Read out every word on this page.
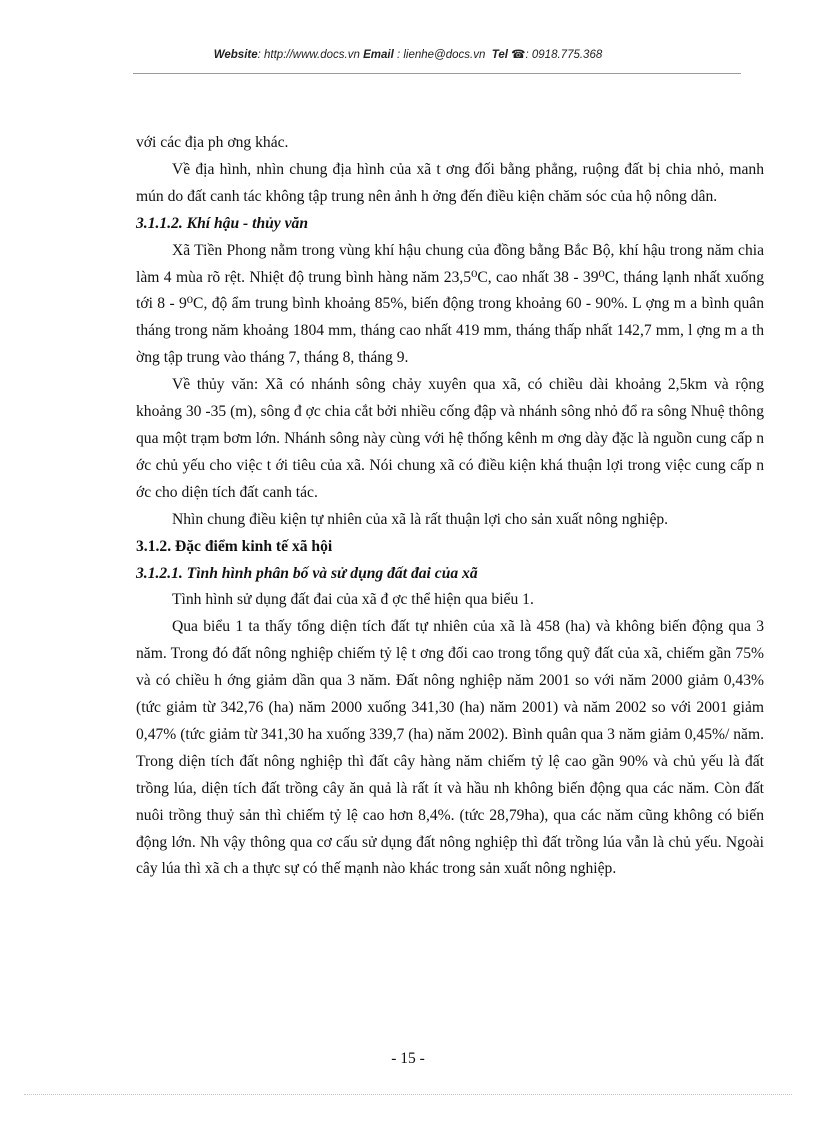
Website: http://www.docs.vn Email : lienhe@docs.vn Tel ☎: 0918.775.368

với các địa ph ơng khác.

Về địa hình, nhìn chung địa hình của xã t ơng đối bằng phẳng, ruộng đất bị chia nhỏ, manh mún do đất canh tác không tập trung nên ảnh h ởng đến điều kiện chăm sóc của hộ nông dân.

3.1.1.2. Khí hậu - thủy văn

Xã Tiền Phong nằm trong vùng khí hậu chung của đồng bằng Bắc Bộ, khí hậu trong năm chia làm 4 mùa rõ rệt. Nhiệt độ trung bình hàng năm 23,5⁰C, cao nhất 38 - 39⁰C, tháng lạnh nhất xuống tới 8 - 9⁰C, độ ẩm trung bình khoảng 85%, biến động trong khoảng 60 - 90%. L ợng m a bình quân tháng trong năm khoảng 1804 mm, tháng cao nhất 419 mm, tháng thấp nhất 142,7 mm, l ợng m a th ờng tập trung vào tháng 7, tháng 8, tháng 9.

Về thủy văn: Xã có nhánh sông chảy xuyên qua xã, có chiều dài khoảng 2,5km và rộng khoảng 30 -35 (m), sông đ ợc chia cắt bởi nhiều cống đập và nhánh sông nhỏ đổ ra sông Nhuệ thông qua một trạm bơm lớn. Nhánh sông này cùng với hệ thống kênh m ơng dày đặc là nguồn cung cấp n ớc chủ yếu cho việc t ới tiêu của xã. Nói chung xã có điều kiện khá thuận lợi trong việc cung cấp n ớc cho diện tích đất canh tác.

Nhìn chung điều kiện tự nhiên của xã là rất thuận lợi cho sản xuất nông nghiệp.

3.1.2. Đặc điểm kinh tế xã hội

3.1.2.1. Tình hình phân bố và sử dụng đất đai của xã

Tình hình sử dụng đất đai của xã đ ợc thể hiện qua biểu 1.

Qua biểu 1 ta thấy tổng diện tích đất tự nhiên của xã là 458 (ha) và không biến động qua 3 năm. Trong đó đất nông nghiệp chiếm tỷ lệ t ơng đối cao trong tổng quỹ đất của xã, chiếm gần 75% và có chiều h ớng giảm dần qua 3 năm. Đất nông nghiệp năm 2001 so với năm 2000 giảm 0,43% (tức giảm từ 342,76 (ha) năm 2000 xuống 341,30 (ha) năm 2001) và năm 2002 so với 2001 giảm 0,47% (tức giảm từ 341,30 ha xuống 339,7 (ha) năm 2002). Bình quân qua 3 năm giảm 0,45%/ năm. Trong diện tích đất nông nghiệp thì đất cây hàng năm chiếm tỷ lệ cao gần 90% và chủ yếu là đất trồng lúa, diện tích đất trồng cây ăn quả là rất ít và hầu nh không biến động qua các năm. Còn đất nuôi trồng thuỷ sản thì chiếm tỷ lệ cao hơn 8,4%. (tức 28,79ha), qua các năm cũng không có biến động lớn. Nh vậy thông qua cơ cấu sử dụng đất nông nghiệp thì đất trồng lúa vẫn là chủ yếu. Ngoài cây lúa thì xã ch a thực sự có thế mạnh nào khác trong sản xuất nông nghiệp.

- 15 -
